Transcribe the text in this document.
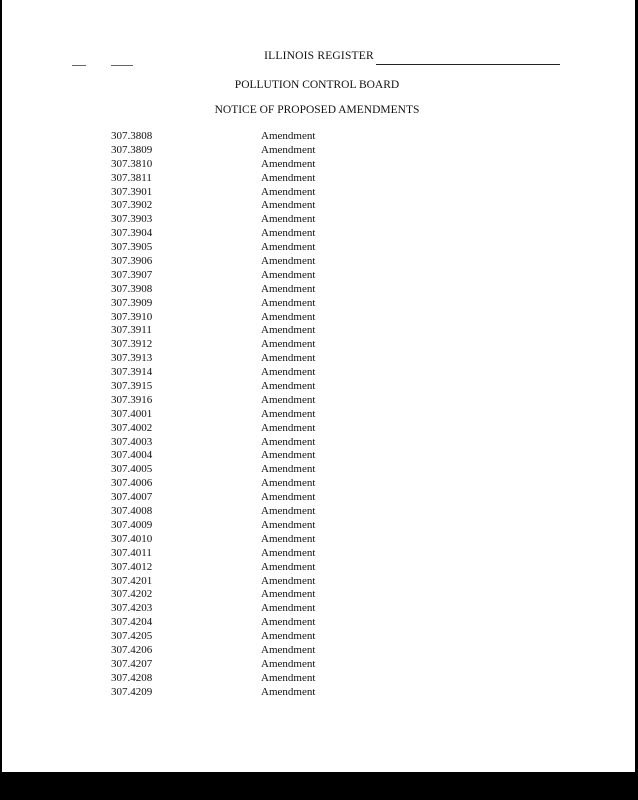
ILLINOIS REGISTER
POLLUTION CONTROL BOARD
NOTICE OF PROPOSED AMENDMENTS
307.3808	Amendment
307.3809	Amendment
307.3810	Amendment
307.3811	Amendment
307.3901	Amendment
307.3902	Amendment
307.3903	Amendment
307.3904	Amendment
307.3905	Amendment
307.3906	Amendment
307.3907	Amendment
307.3908	Amendment
307.3909	Amendment
307.3910	Amendment
307.3911	Amendment
307.3912	Amendment
307.3913	Amendment
307.3914	Amendment
307.3915	Amendment
307.3916	Amendment
307.4001	Amendment
307.4002	Amendment
307.4003	Amendment
307.4004	Amendment
307.4005	Amendment
307.4006	Amendment
307.4007	Amendment
307.4008	Amendment
307.4009	Amendment
307.4010	Amendment
307.4011	Amendment
307.4012	Amendment
307.4201	Amendment
307.4202	Amendment
307.4203	Amendment
307.4204	Amendment
307.4205	Amendment
307.4206	Amendment
307.4207	Amendment
307.4208	Amendment
307.4209	Amendment
